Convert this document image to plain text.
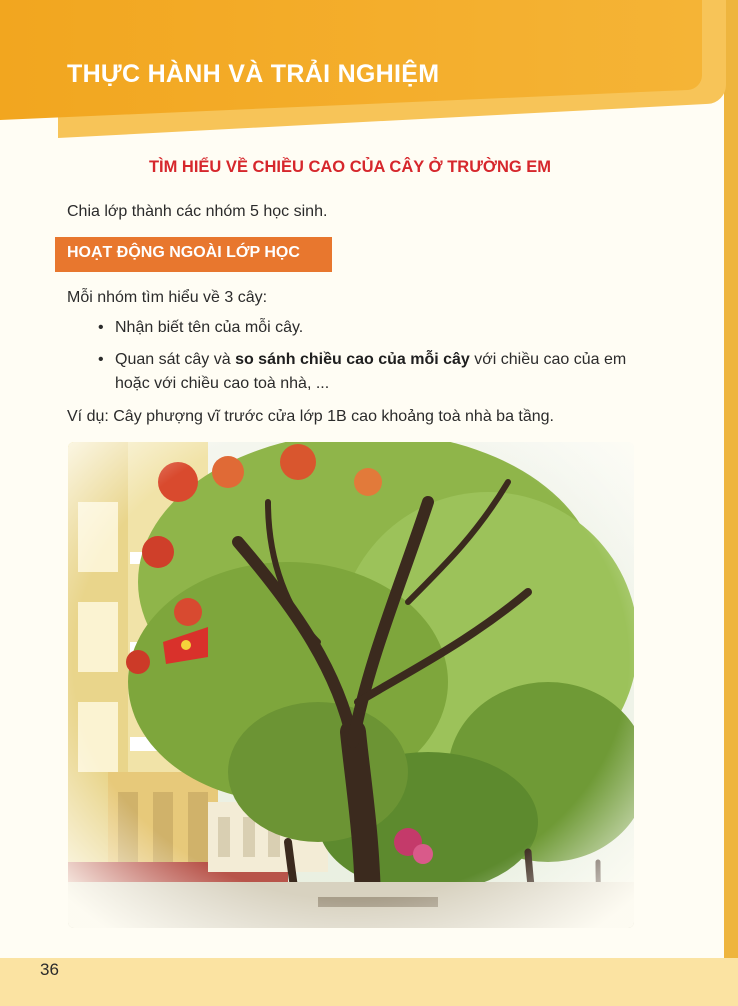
THỰC HÀNH VÀ TRẢI NGHIỆM

TÌM HIỂU VỀ CHIỀU CAO CỦA CÂY Ở TRƯỜNG EM

Chia lớp thành các nhóm 5 học sinh.

HOẠT ĐỘNG NGOÀI LỚP HỌC

Mỗi nhóm tìm hiểu về 3 cây:

• Nhận biết tên của mỗi cây.
• Quan sát cây và so sánh chiều cao của mỗi cây với chiều cao của em hoặc với chiều cao toà nhà, ...

Ví dụ: Cây phượng vĩ trước cửa lớp 1B cao khoảng toà nhà ba tầng.

36
